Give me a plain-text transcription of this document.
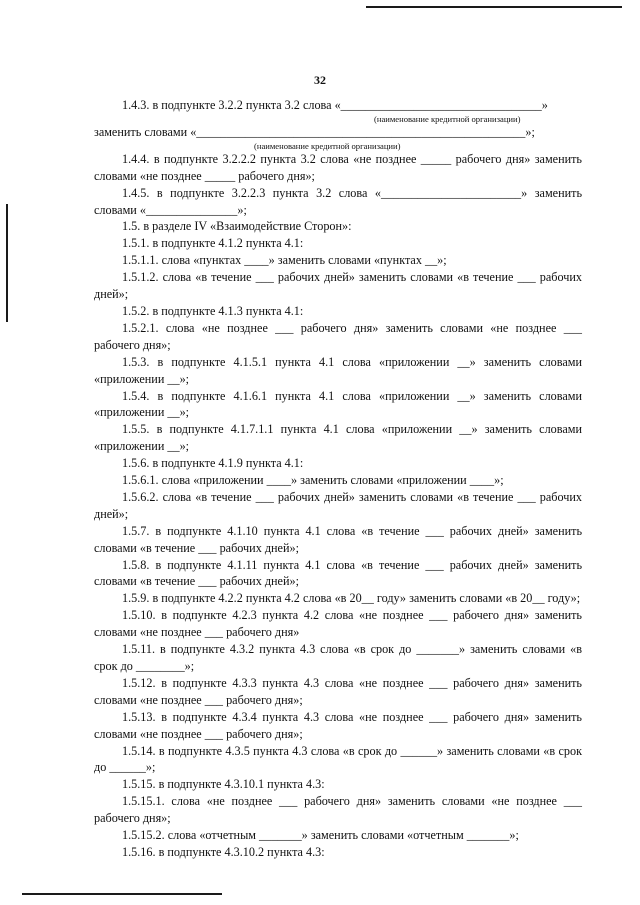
32

1.4.3. в подпункте 3.2.2 пункта 3.2 слова «_________________________________»

(наименование кредитной организации)

заменить словами «______________________________________________________»;

(наименование кредитной организации)

1.4.4. в подпункте 3.2.2.2 пункта 3.2 слова «не позднее _____ рабочего дня» заменить словами «не позднее _____ рабочего дня»;

1.4.5. в подпункте 3.2.2.3 пункта 3.2 слова «_______________________» заменить словами «_______________»;

1.5. в разделе IV «Взаимодействие Сторон»:

1.5.1. в подпункте 4.1.2 пункта 4.1:

1.5.1.1. слова «пунктах ____» заменить словами «пунктах __»;

1.5.1.2. слова «в течение ___ рабочих дней» заменить словами «в течение ___ рабочих дней»;

1.5.2. в подпункте 4.1.3 пункта 4.1:

1.5.2.1. слова «не позднее ___ рабочего дня» заменить словами «не позднее ___ рабочего дня»;

1.5.3. в подпункте 4.1.5.1 пункта 4.1 слова «приложении __» заменить словами «приложении __»;

1.5.4. в подпункте 4.1.6.1 пункта 4.1 слова «приложении __» заменить словами «приложении __»;

1.5.5. в подпункте 4.1.7.1.1 пункта 4.1 слова «приложении __» заменить словами «приложении __»;

1.5.6. в подпункте 4.1.9 пункта 4.1:

1.5.6.1. слова «приложении ____» заменить словами «приложении ____»;

1.5.6.2. слова «в течение ___ рабочих дней» заменить словами «в течение ___ рабочих дней»;

1.5.7. в подпункте 4.1.10 пункта 4.1 слова «в течение ___ рабочих дней» заменить словами «в течение ___ рабочих дней»;

1.5.8. в подпункте 4.1.11 пункта 4.1 слова «в течение ___ рабочих дней» заменить словами «в течение ___ рабочих дней»;

1.5.9. в подпункте 4.2.2 пункта 4.2 слова «в 20__ году» заменить словами «в 20__ году»;

1.5.10. в подпункте 4.2.3 пункта 4.2 слова «не позднее ___ рабочего дня» заменить словами «не позднее ___ рабочего дня»

1.5.11. в подпункте 4.3.2 пункта 4.3 слова «в срок до _______» заменить словами «в срок до ________»;

1.5.12. в подпункте 4.3.3 пункта 4.3 слова «не позднее ___ рабочего дня» заменить словами «не позднее ___ рабочего дня»;

1.5.13. в подпункте 4.3.4 пункта 4.3 слова «не позднее ___ рабочего дня» заменить словами «не позднее ___ рабочего дня»;

1.5.14. в подпункте 4.3.5 пункта 4.3 слова «в срок до ______» заменить словами «в срок до ______»;

1.5.15. в подпункте 4.3.10.1 пункта 4.3:

1.5.15.1. слова «не позднее ___ рабочего дня» заменить словами «не позднее ___ рабочего дня»;

1.5.15.2. слова «отчетным _______» заменить словами «отчетным _______»;

1.5.16. в подпункте 4.3.10.2 пункта 4.3:
